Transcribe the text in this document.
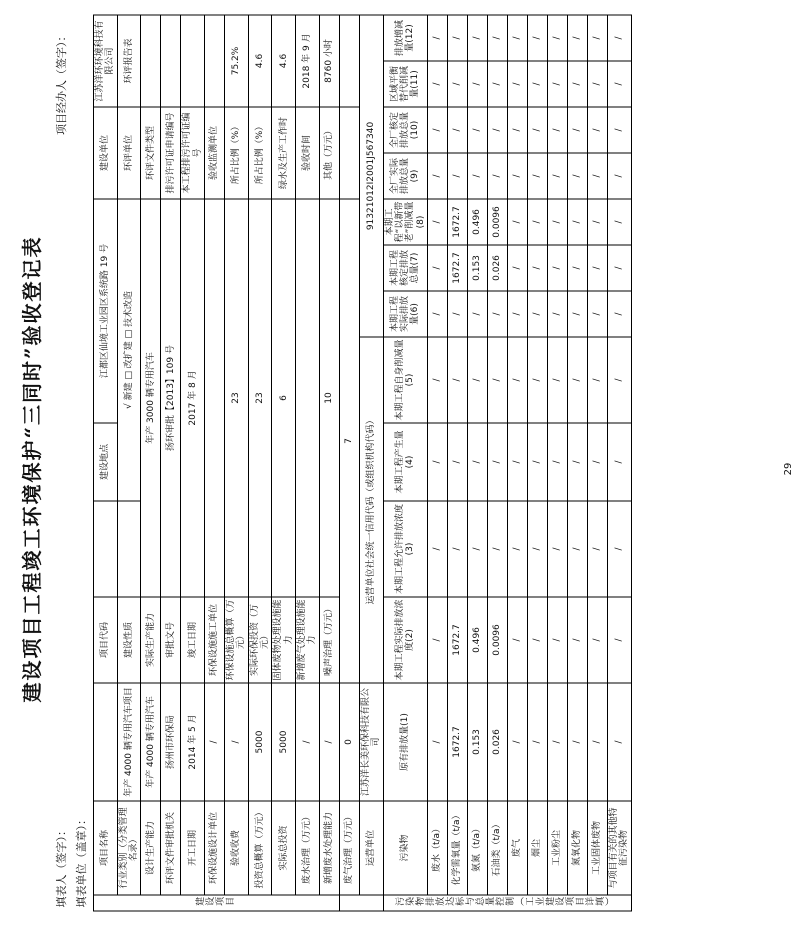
建设项目工程竣工环境保护“三同时”验收登记表
填表人（签字）：
项目经办人（签字）：
填表单位（盖章）：	建设项目	项目名称		项目代码		建设地点	江都区仙境工业园区系统路 19 号				建设单位		江苏洋环环境科技有限公司	
	行业类别（分类管理名录）	年产 4000 辆专用汽车项目	建设性质		√ 新建 □ 改扩建 □ 技术改造					环评单位		环评报告表	
	设计生产能力	年产 4000 辆专用汽车	实际生产能力	年产 3000 辆专用汽车						环评文件类型			
	环评文件审批机关	扬州市环保局	审批文号	扬环审批【2013】109 号						排污许可证申请编号			
	开工日期	2014 年 5 月	竣工日期	2017 年 8 月						本工程排污许可证编号			
	环保设施设计单位	/	环保设施施工单位							验收监测单位			
	验收收费	/	环保设施总概算（万元）	23						所占比例（%）		75.2%	
	投资总概算（万元）	5000	实际环保投资（万元）	23						所占比例（%）		4.6	
	实际总投资	5000	固体废物处理设施能力	6						绿水及生产工作时		4.6	
	废水治理（万元）	/	新增废气处理设施能力							验收时间		2018 年 9 月	
	新增废水处理能力	/	噪声治理（万元）	10						其他（万元）		8760 小时	
	废气治理（万元）	0	7										
	运营单位	江苏洋长美环保科技有限公司	运营单位社会统一信用代码（或组织机构代码）				91321012I2001J567340						
污染物排放达标与总量控制（工业建设项目详填）	污染物	原有排放量(1)	本期工程实际排放浓度(2)	本期工程允许排放浓度(3)	本期工程产生量(4)	本期工程自身削减量(5)	本期工程实际排放量(6)	本期工程核定排放总量(7)	本期工程“以新带老”削减量(8)	全厂实际排放总量(9)	全厂核定排放总量(10)	区域平衡替代削减量(11)	排放增减量(12)
	废水（t/a）	/	/	/	/	/	/	/	/	/	/	/	/
	化学需氧量（t/a）	1672.7	1672.7	/	/	/	/	1672.7	1672.7	/	/	/	/
	氨氮（t/a）	0.153	0.496	/	/	/	/	0.153	0.496	/	/	/	/
	石油类（t/a）	0.026	0.0096	/	/	/	/	0.026	0.0096	/	/	/	/
	废气	/	/	/	/	/	/	/	/	/	/	/	/
	烟尘	/	/	/	/	/	/	/	/	/	/	/	/
	工业粉尘	/	/	/	/	/	/	/	/	/	/	/	/
	氮氧化物	/	/	/	/	/	/	/	/	/	/	/	/
	工业固体废物	/	/	/	/	/	/	/	/	/	/	/	/
	与项目有关的其他特征污染物	/	/	/	/	/	/	/	/	/	/	/	/
29
